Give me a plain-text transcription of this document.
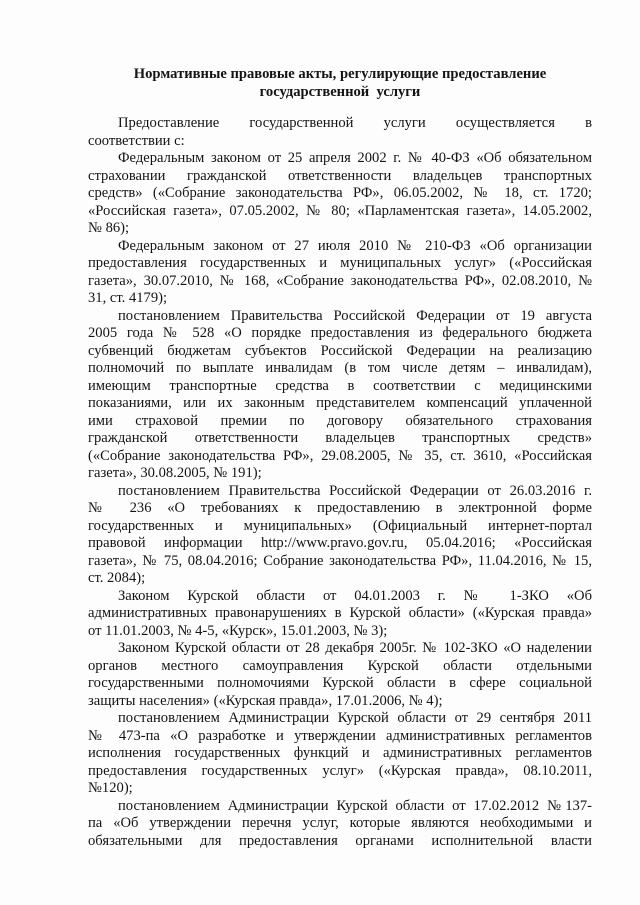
Нормативные правовые акты, регулирующие предоставление
государственной  услуги
Предоставление государственной услуги осуществляется в
соответствии с:
Федеральным законом от 25 апреля 2002 г. № 40-ФЗ «Об обязательном
страховании гражданской ответственности владельцев транспортных
средств» («Собрание законодательства РФ», 06.05.2002, № 18, ст. 1720;
«Российская газета», 07.05.2002, № 80; «Парламентская газета», 14.05.2002,
№ 86);
Федеральным законом от 27 июля 2010 № 210-ФЗ «Об организации
предоставления государственных и муниципальных услуг» («Российская
газета», 30.07.2010, № 168, «Собрание законодательства РФ», 02.08.2010, №
31, ст. 4179);
постановлением Правительства Российской Федерации от 19 августа
2005 года № 528 «О порядке предоставления из федерального бюджета
субвенций бюджетам субъектов Российской Федерации на реализацию
полномочий по выплате инвалидам (в том числе детям – инвалидам),
имеющим транспортные средства в соответствии с медицинскими
показаниями, или их законным представителем компенсаций уплаченной
ими страховой премии по договору обязательного страхования
гражданской ответственности владельцев транспортных средств»
(«Собрание законодательства РФ», 29.08.2005, № 35, ст. 3610, «Российская
газета», 30.08.2005, № 191);
постановлением Правительства Российской Федерации от 26.03.2016 г.
№ 236 «О требованиях к предоставлению в электронной форме
государственных и муниципальных» (Официальный интернет-портал
правовой информации http://www.pravo.gov.ru, 05.04.2016; «Российская
газета», № 75, 08.04.2016; Собрание законодательства РФ», 11.04.2016, № 15,
ст. 2084);
Законом Курской области от 04.01.2003 г. № 1-ЗКО «Об
административных правонарушениях в Курской области» («Курская правда»
от 11.01.2003, № 4-5, «Курск», 15.01.2003, № 3);
Законом Курской области от 28 декабря 2005г. № 102-ЗКО «О наделении
органов местного самоуправления Курской области отдельными
государственными полномочиями Курской области в сфере социальной
защиты населения» («Курская правда», 17.01.2006, № 4);
постановлением Администрации Курской области от 29 сентября 2011
№ 473-па «О разработке и утверждении административных регламентов
исполнения государственных функций и административных регламентов
предоставления государственных услуг» («Курская правда», 08.10.2011,
№120);
постановлением Администрации Курской области от 17.02.2012 №137-
па «Об утверждении перечня услуг, которые являются необходимыми и
обязательными для предоставления органами исполнительной власти
